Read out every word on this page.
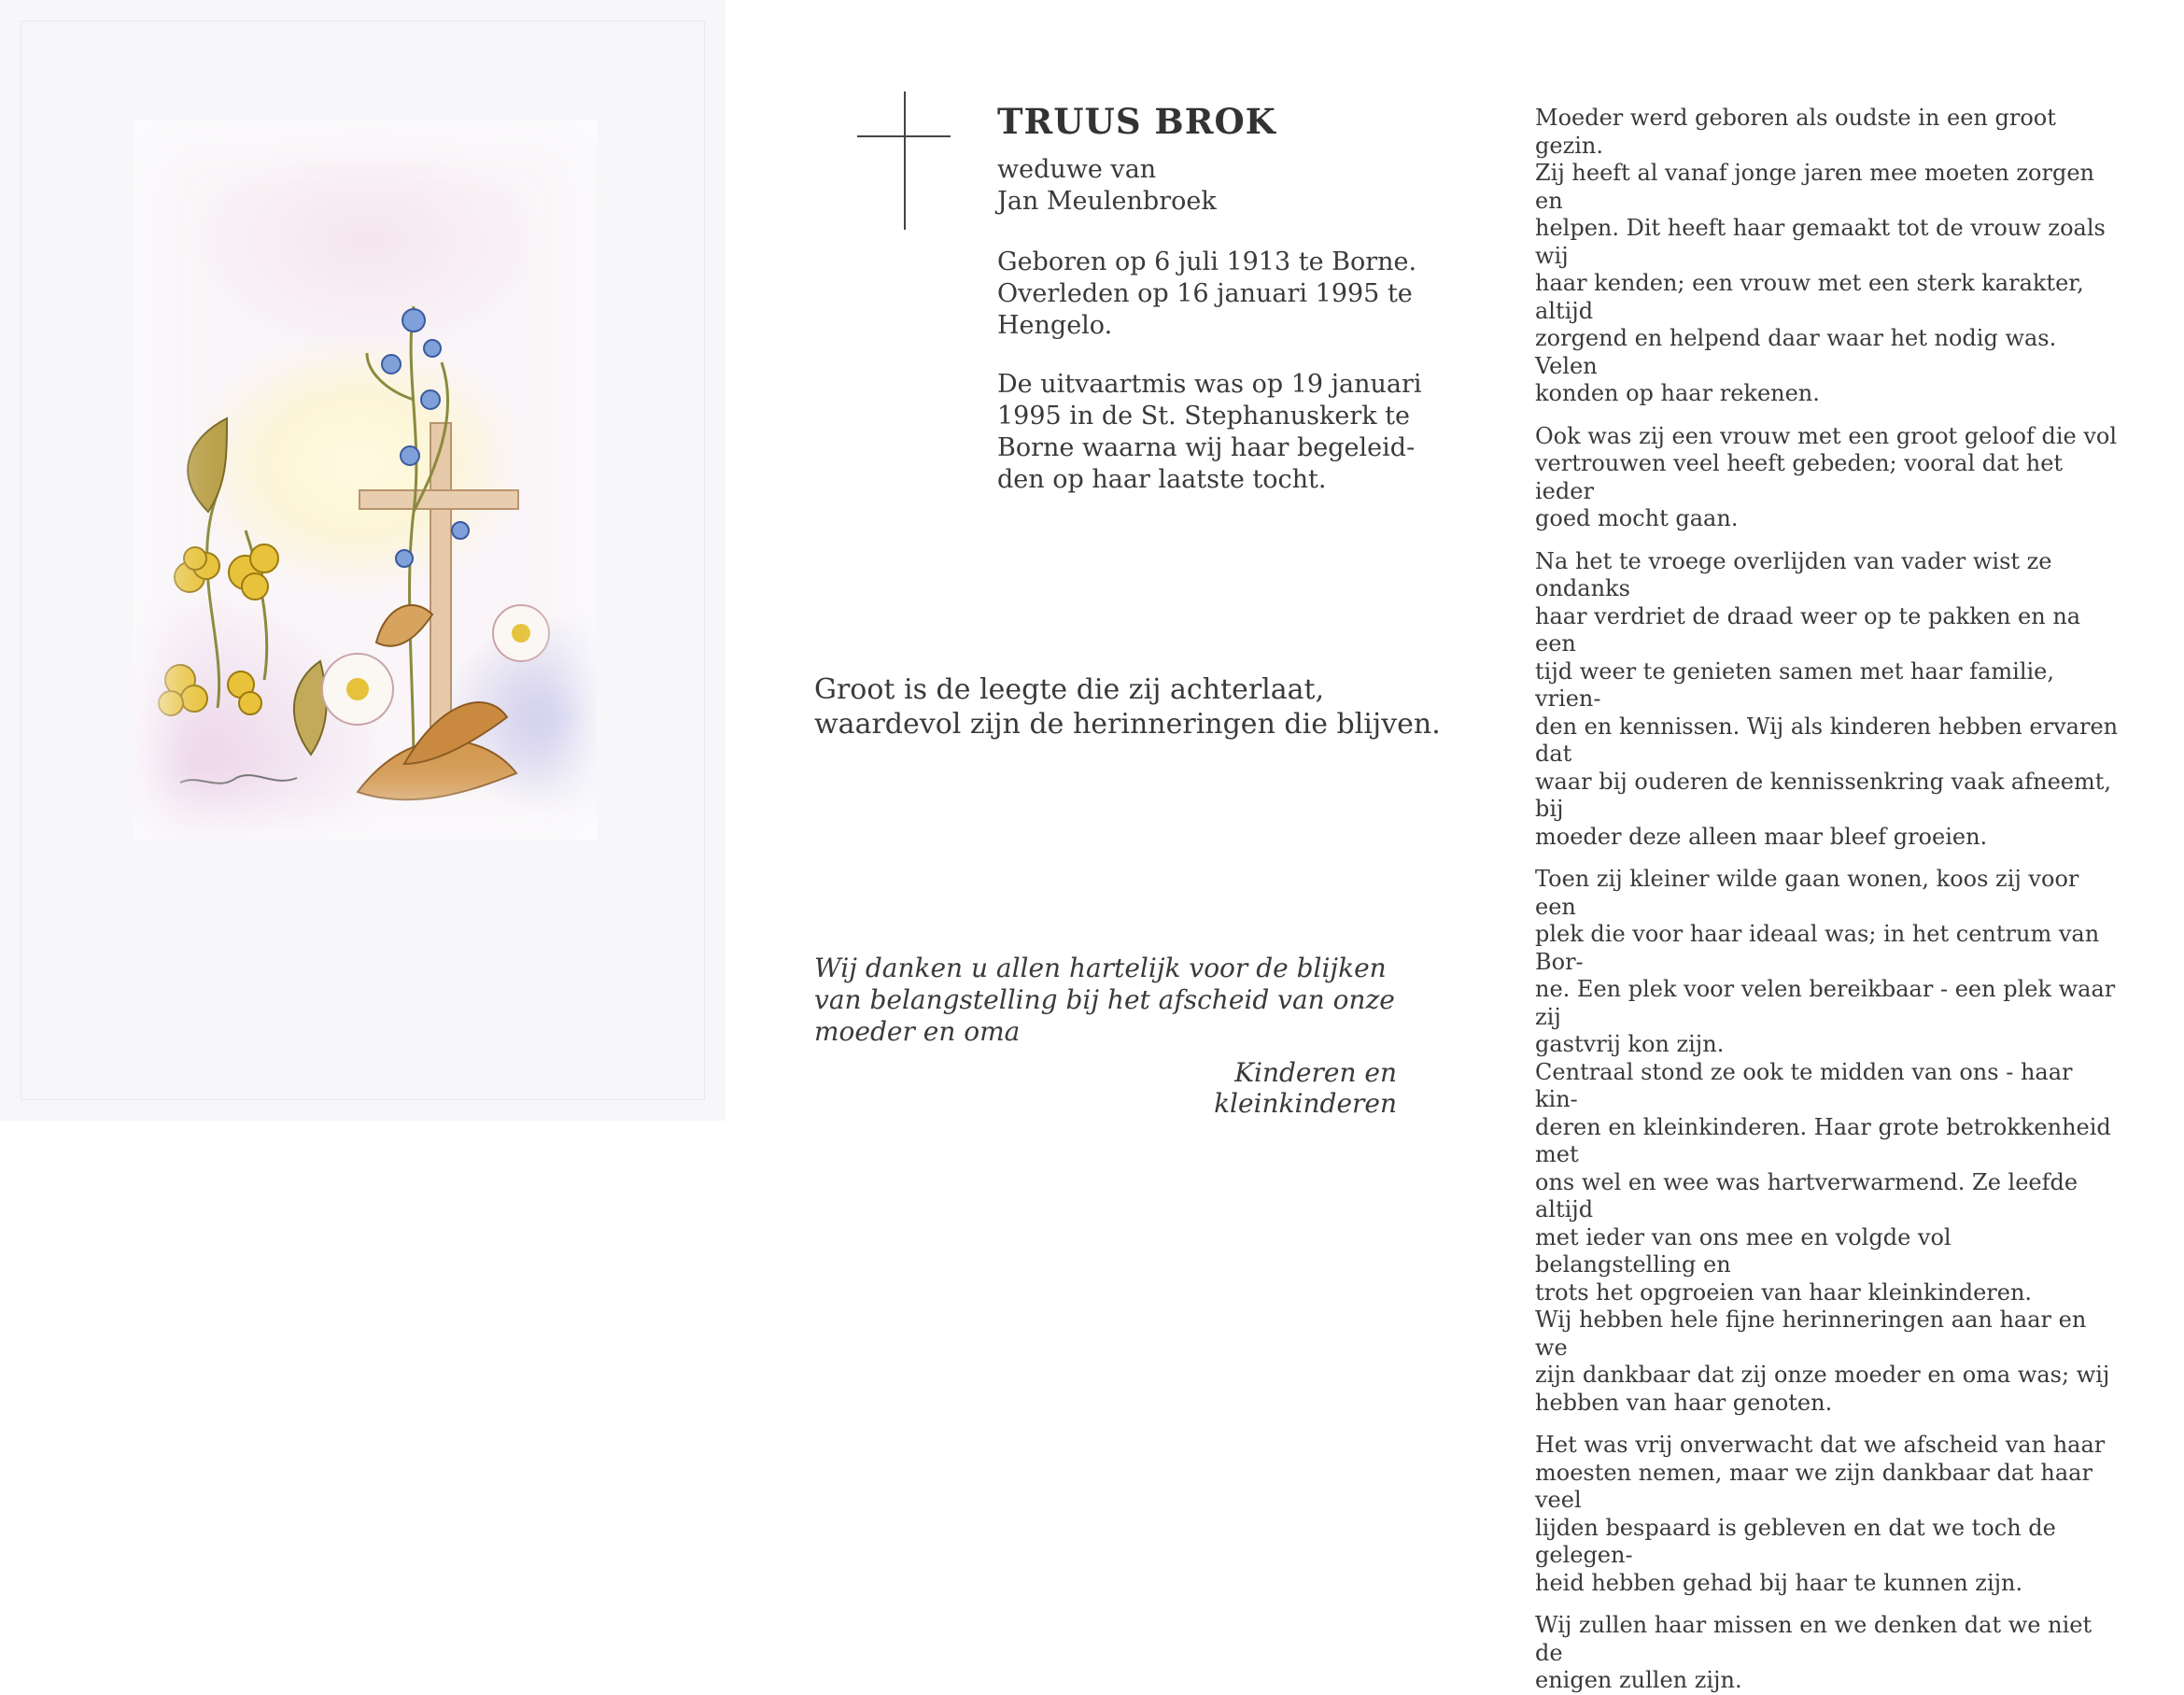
TRUUS BROK
weduwe van
Jan Meulenbroek
Geboren op 6 juli 1913 te Borne.
Overleden op 16 januari 1995 te
Hengelo.
De uitvaartmis was op 19 januari
1995 in de St. Stephanuskerk te
Borne waarna wij haar begeleid-
den op haar laatste tocht.
Groot is de leegte die zij achterlaat,
waardevol zijn de herinneringen die blijven.
Wij danken u allen hartelijk voor de blijken van belangstelling bij het afscheid van onze moeder en oma
Kinderen en kleinkinderen

Moeder werd geboren als oudste in een groot gezin.
Zij heeft al vanaf jonge jaren mee moeten zorgen en
helpen. Dit heeft haar gemaakt tot de vrouw zoals wij
haar kenden; een vrouw met een sterk karakter, altijd
zorgend en helpend daar waar het nodig was. Velen
konden op haar rekenen.

Ook was zij een vrouw met een groot geloof die vol
vertrouwen veel heeft gebeden; vooral dat het ieder
goed mocht gaan.

Na het te vroege overlijden van vader wist ze ondanks
haar verdriet de draad weer op te pakken en na een
tijd weer te genieten samen met haar familie, vrien-
den en kennissen. Wij als kinderen hebben ervaren dat
waar bij ouderen de kennissenkring vaak afneemt, bij
moeder deze alleen maar bleef groeien.

Toen zij kleiner wilde gaan wonen, koos zij voor een
plek die voor haar ideaal was; in het centrum van Bor-
ne. Een plek voor velen bereikbaar - een plek waar zij
gastvrij kon zijn.
Centraal stond ze ook te midden van ons - haar kin-
deren en kleinkinderen. Haar grote betrokkenheid met
ons wel en wee was hartverwarmend. Ze leefde altijd
met ieder van ons mee en volgde vol belangstelling en
trots het opgroeien van haar kleinkinderen.
Wij hebben hele fijne herinneringen aan haar en we
zijn dankbaar dat zij onze moeder en oma was; wij
hebben van haar genoten.

Het was vrij onverwacht dat we afscheid van haar
moesten nemen, maar we zijn dankbaar dat haar veel
lijden bespaard is gebleven en dat we toch de gelegen-
heid hebben gehad bij haar te kunnen zijn.

Wij zullen haar missen en we denken dat we niet de
enigen zullen zijn.
